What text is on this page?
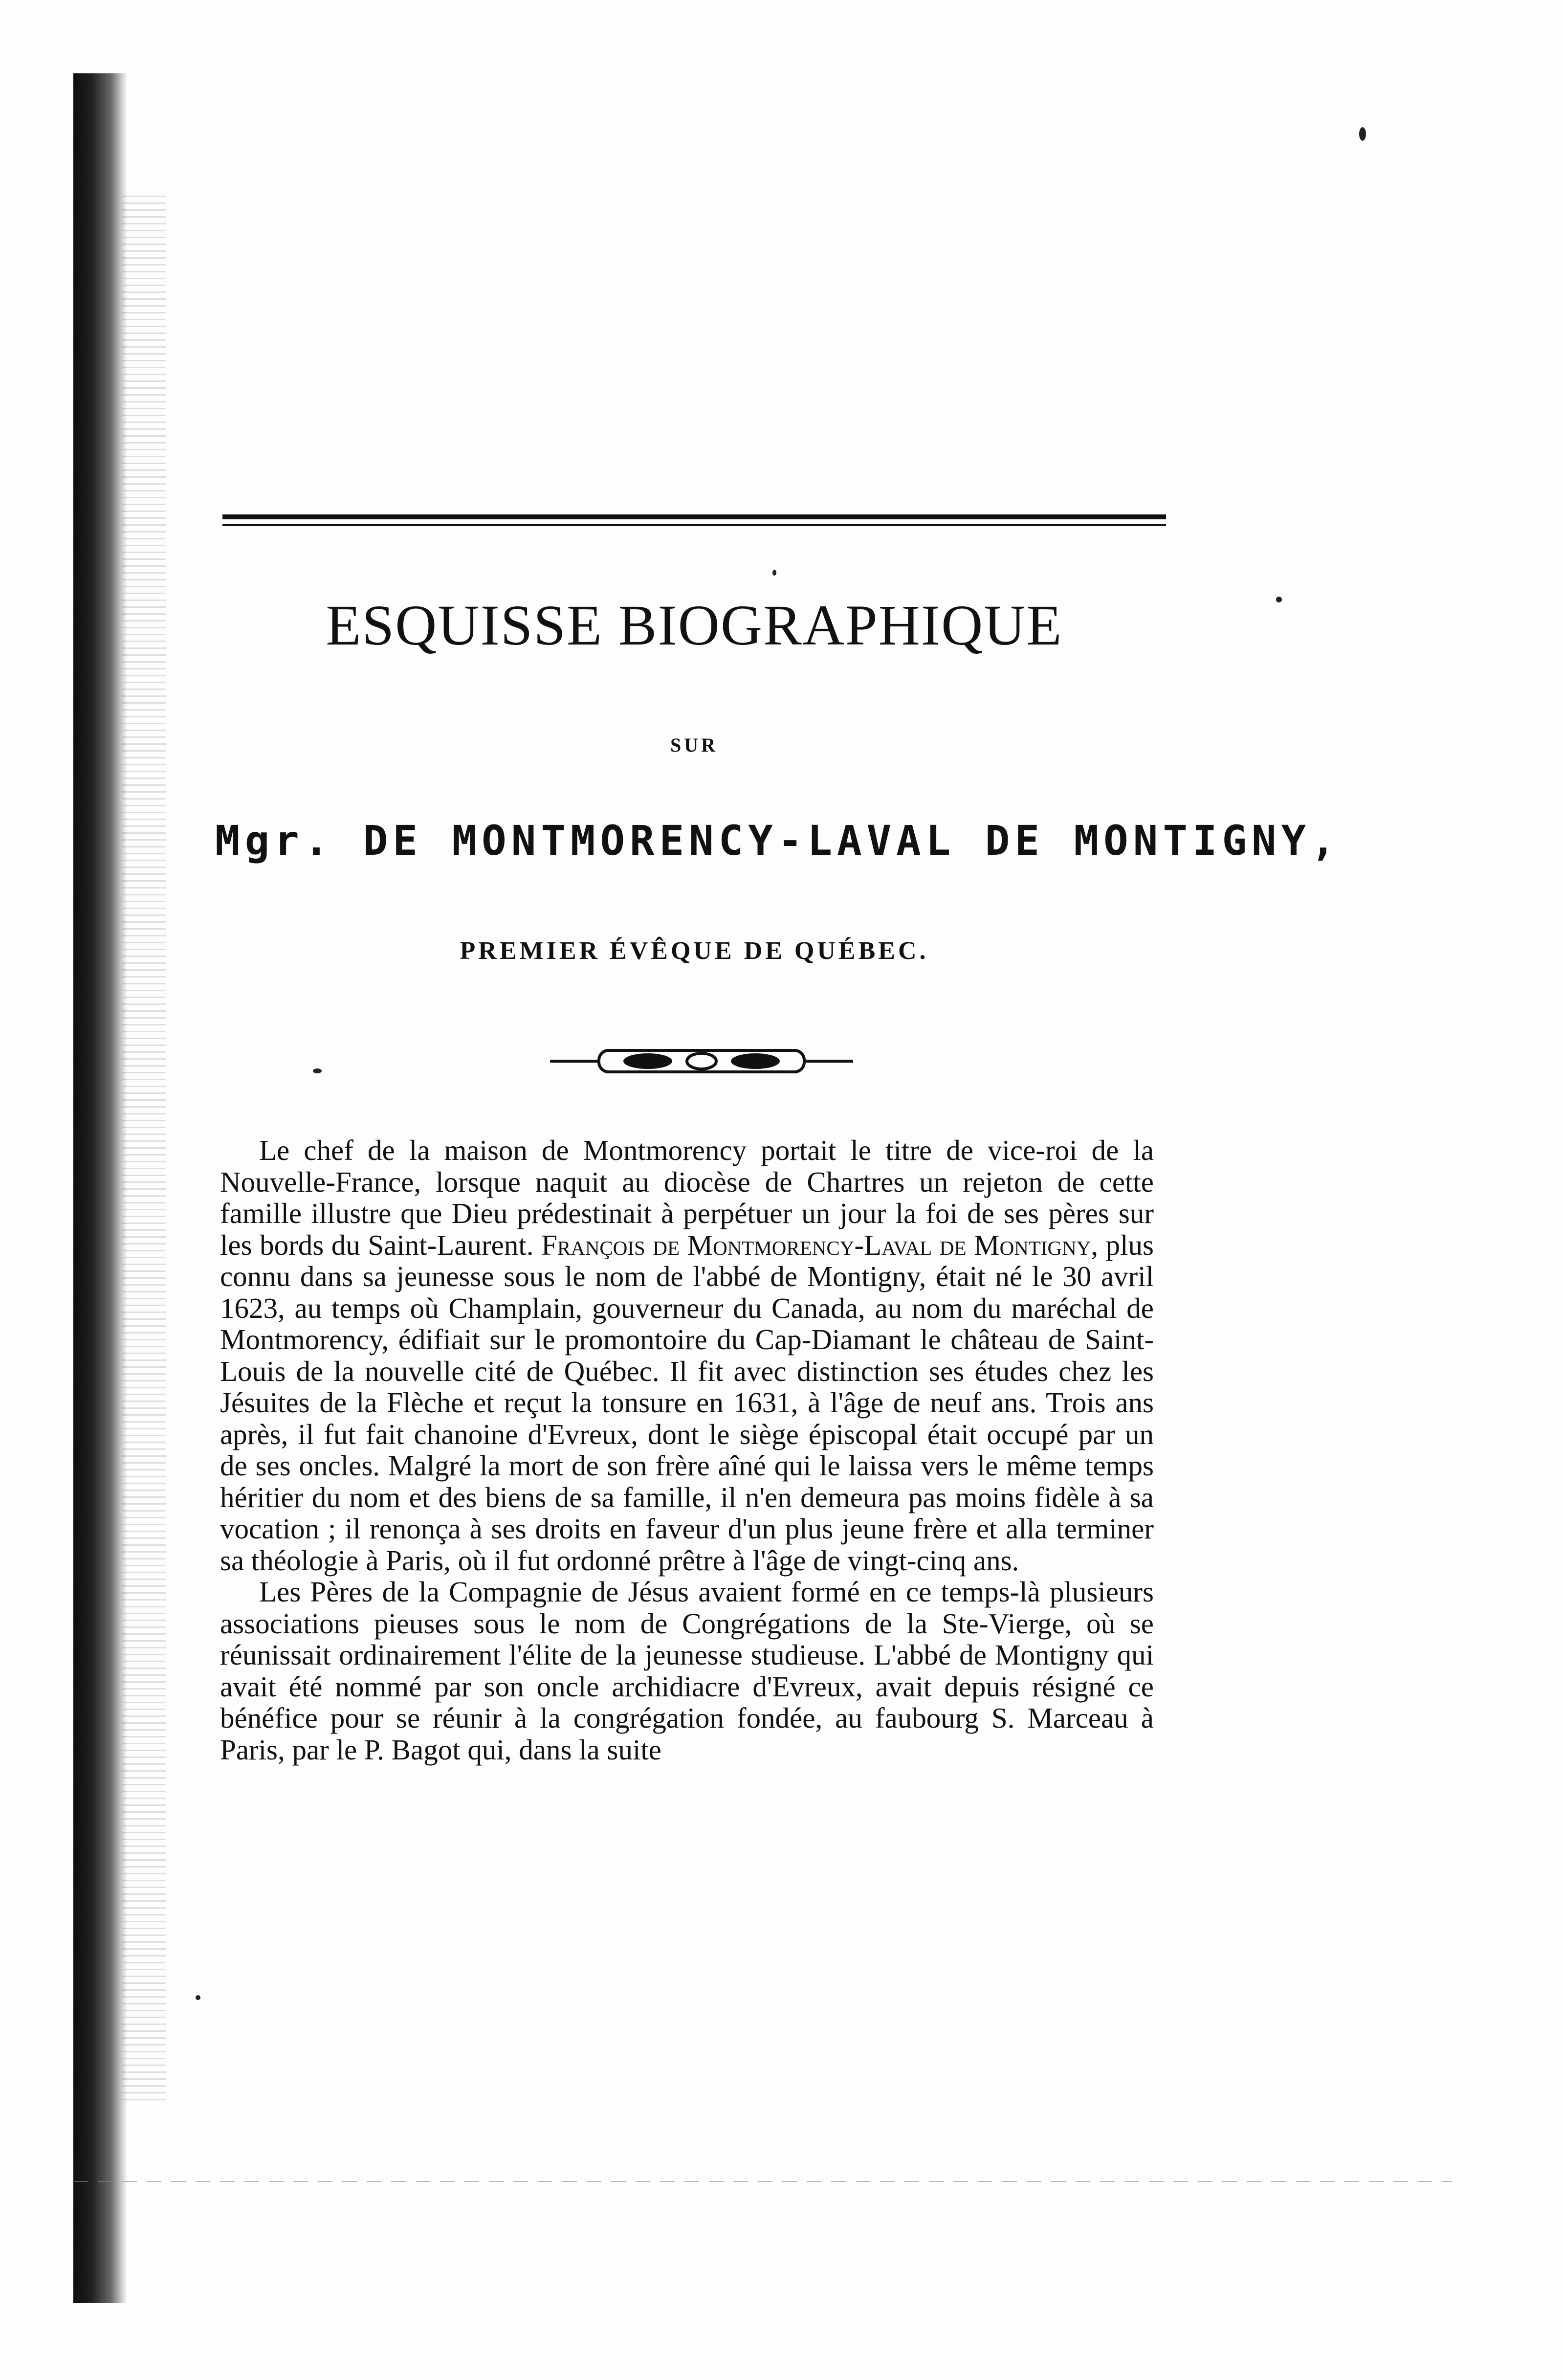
ESQUISSE BIOGRAPHIQUE
SUR
Mgr. DE MONTMORENCY-LAVAL DE MONTIGNY,
PREMIER ÉVÊQUE DE QUÉBEC.

Le chef de la maison de Montmorency portait le titre de vice-roi de la Nouvelle-France, lorsque naquit au diocèse de Chartres un rejeton de cette famille illustre que Dieu prédestinait à perpétuer un jour la foi de ses pères sur les bords du Saint-Laurent. François de Montmorency-Laval de Montigny, plus connu dans sa jeunesse sous le nom de l'abbé de Montigny, était né le 30 avril 1623, au temps où Champlain, gouverneur du Canada, au nom du maréchal de Montmorency, édifiait sur le promontoire du Cap-Diamant le château de Saint-Louis de la nouvelle cité de Québec. Il fit avec distinction ses études chez les Jésuites de la Flèche et reçut la tonsure en 1631, à l'âge de neuf ans. Trois ans après, il fut fait chanoine d'Evreux, dont le siège épiscopal était occupé par un de ses oncles. Malgré la mort de son frère aîné qui le laissa vers le même temps héritier du nom et des biens de sa famille, il n'en demeura pas moins fidèle à sa vocation ; il renonça à ses droits en faveur d'un plus jeune frère et alla terminer sa théologie à Paris, où il fut ordonné prêtre à l'âge de vingt-cinq ans.

Les Pères de la Compagnie de Jésus avaient formé en ce temps-là plusieurs associations pieuses sous le nom de Congrégations de la Ste-Vierge, où se réunissait ordinairement l'élite de la jeunesse studieuse. L'abbé de Montigny qui avait été nommé par son oncle archidiacre d'Evreux, avait depuis résigné ce bénéfice pour se réunir à la congrégation fondée, au faubourg S. Marceau à Paris, par le P. Bagot qui, dans la suite
